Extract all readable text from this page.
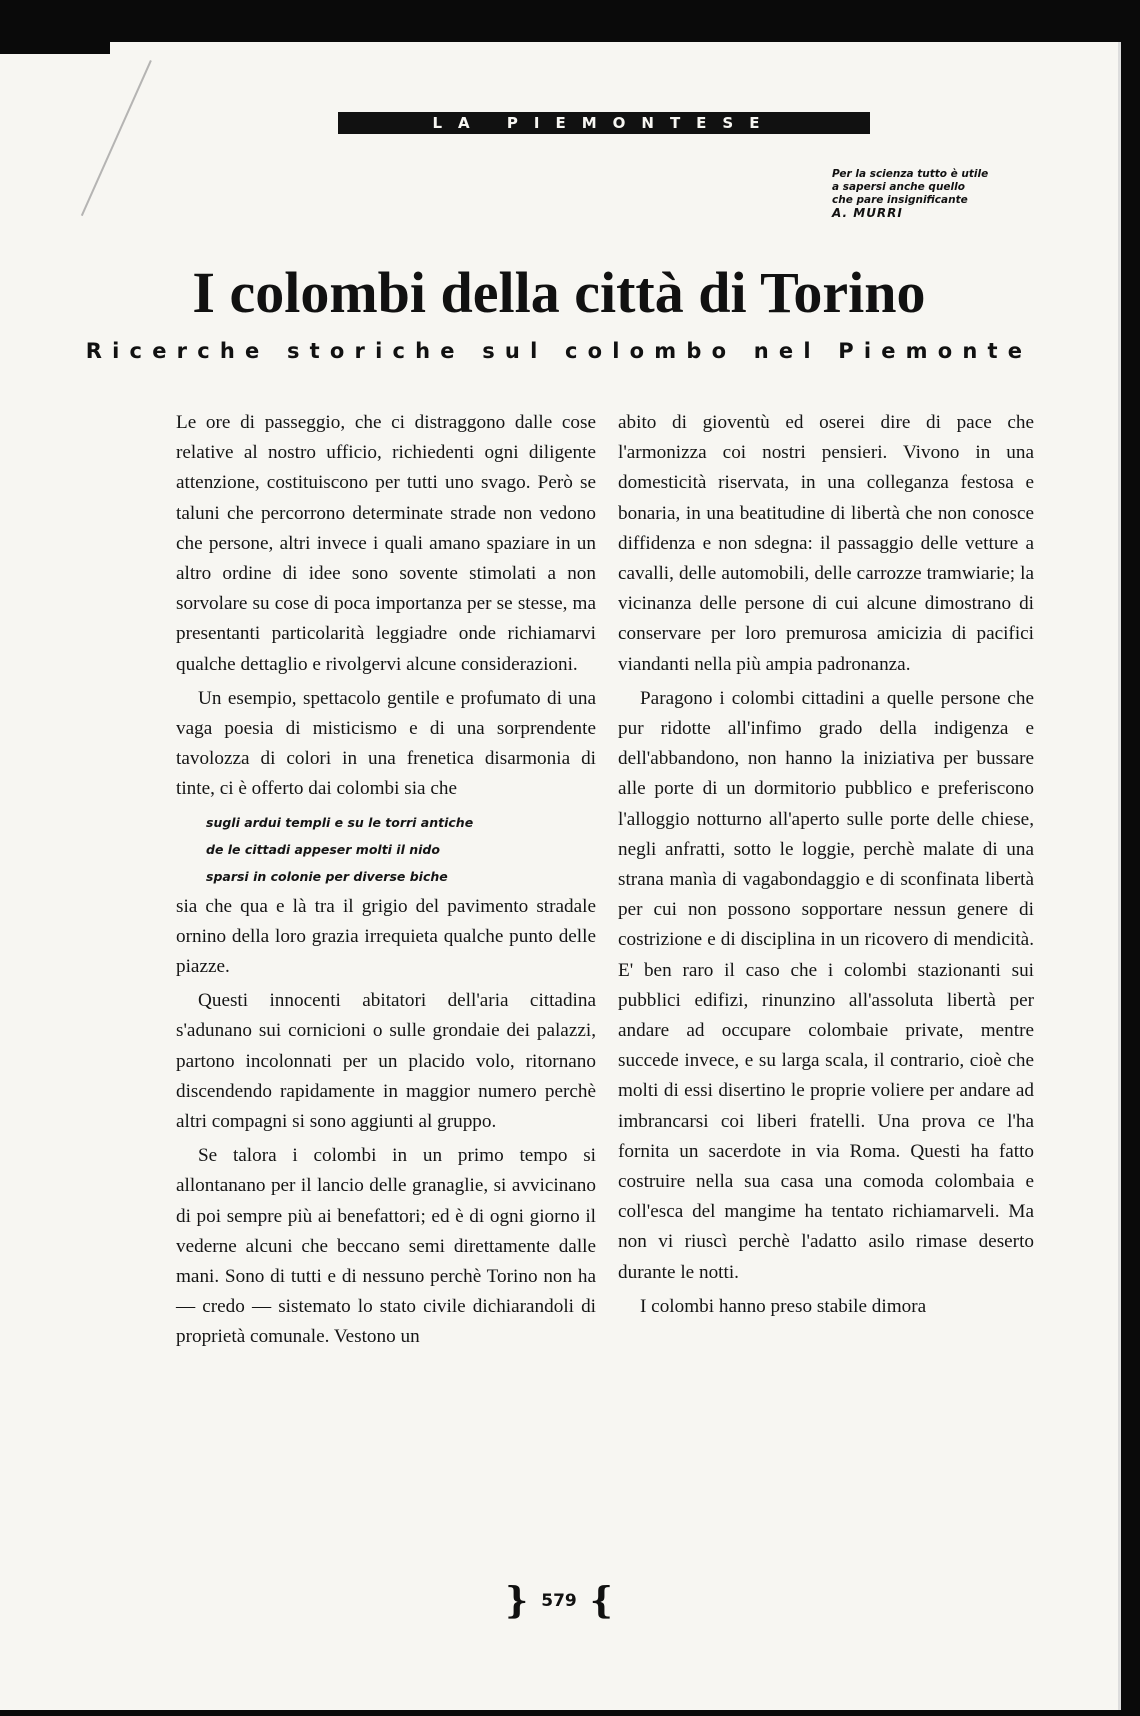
LA PIEMONTESE
Per la scienza tutto è utile
a sapersi anche quello
che pare insignificante
A. MURRI
I colombi della città di Torino
Ricerche storiche sul colombo nel Piemonte

Le ore di passeggio, che ci distraggono dalle cose relative al nostro ufficio, richiedenti ogni diligente attenzione, costituiscono per tutti uno svago. Però se taluni che percorrono determinate strade non vedono che persone, altri invece i quali amano spaziare in un altro ordine di idee sono sovente stimolati a non sorvolare su cose di poca importanza per se stesse, ma presentanti particolarità leggiadre onde richiamarvi qualche dettaglio e rivolgervi alcune considerazioni.

Un esempio, spettacolo gentile e profumato di una vaga poesia di misticismo e di una sorprendente tavolozza di colori in una frenetica disarmonia di tinte, ci è offerto dai colombi sia che

sugli ardui templi e su le torri antiche
de le cittadi appeser molti il nido
sparsi in colonie per diverse biche

sia che qua e là tra il grigio del pavimento stradale ornino della loro grazia irrequieta qualche punto delle piazze.

Questi innocenti abitatori dell'aria cittadina s'adunano sui cornicioni o sulle grondaie dei palazzi, partono incolonnati per un placido volo, ritornano discendendo rapidamente in maggior numero perchè altri compagni si sono aggiunti al gruppo.

Se talora i colombi in un primo tempo si allontanano per il lancio delle granaglie, si avvicinano di poi sempre più ai benefattori; ed è di ogni giorno il vederne alcuni che beccano semi direttamente dalle mani. Sono di tutti e di nessuno perchè Torino non ha — credo — sistemato lo stato civile dichiarandoli di proprietà comunale. Vestono un

abito di gioventù ed oserei dire di pace che l'armonizza coi nostri pensieri. Vivono in una domesticità riservata, in una colleganza festosa e bonaria, in una beatitudine di libertà che non conosce diffidenza e non sdegna: il passaggio delle vetture a cavalli, delle automobili, delle carrozze tramwiarie; la vicinanza delle persone di cui alcune dimostrano di conservare per loro premurosa amicizia di pacifici viandanti nella più ampia padronanza.

Paragono i colombi cittadini a quelle persone che pur ridotte all'infimo grado della indigenza e dell'abbandono, non hanno la iniziativa per bussare alle porte di un dormitorio pubblico e preferiscono l'alloggio notturno all'aperto sulle porte delle chiese, negli anfratti, sotto le loggie, perchè malate di una strana manìa di vagabondaggio e di sconfinata libertà per cui non possono sopportare nessun genere di costrizione e di disciplina in un ricovero di mendicità. E' ben raro il caso che i colombi stazionanti sui pubblici edifizi, rinunzino all'assoluta libertà per andare ad occupare colombaie private, mentre succede invece, e su larga scala, il contrario, cioè che molti di essi disertino le proprie voliere per andare ad imbrancarsi coi liberi fratelli. Una prova ce l'ha fornita un sacerdote in via Roma. Questi ha fatto costruire nella sua casa una comoda colombaia e coll'esca del mangime ha tentato richiamarveli. Ma non vi riuscì perchè l'adatto asilo rimase deserto durante le notti.

I colombi hanno preso stabile dimora

} 579 {
